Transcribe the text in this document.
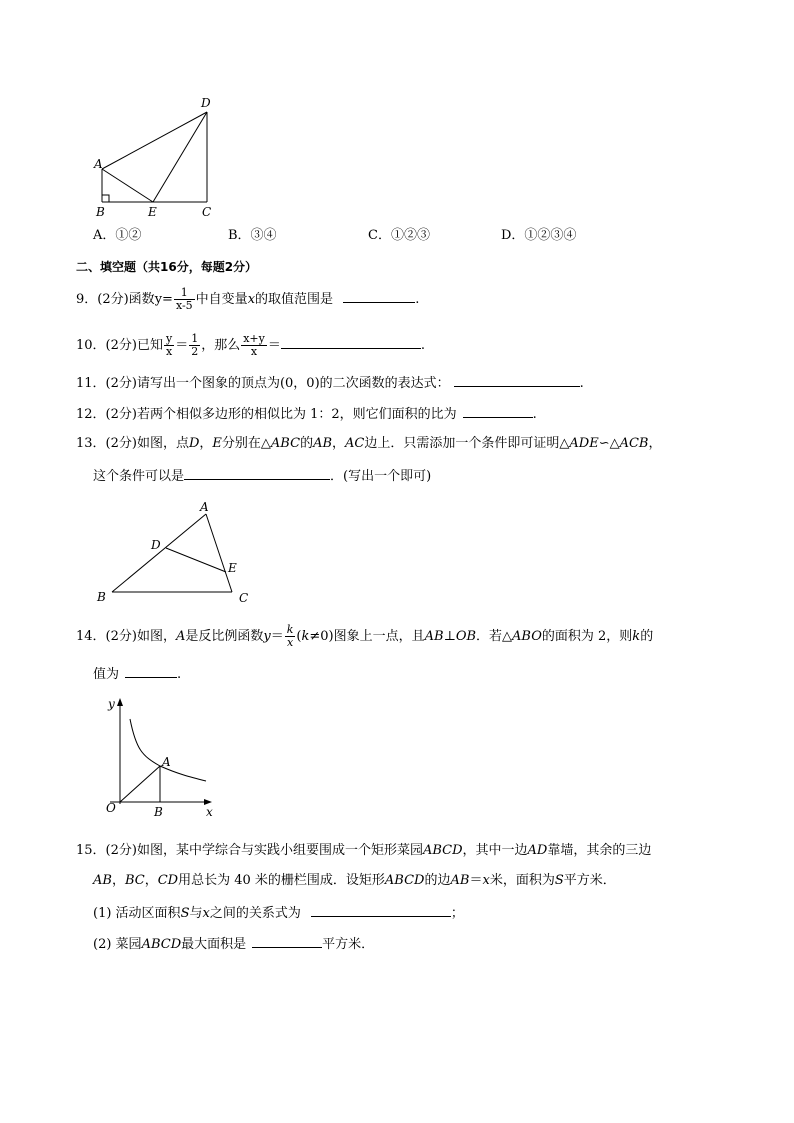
D
A
B	E	C
A．①②	B．③④	C．①②③	D．①②③④
二、填空题（共16分，每题2分）
9．(2分)函数$y= \frac{1}{x-5}$ 中自变量x的取值范围是	.
10．(2分)已知 $\frac{y}{x} = \frac{1}{2}$ ，那么 $\frac{x+y}{x}$ ＝	.
11．(2分)请写出一个图象的顶点为(0，0)的二次函数的表达式：	.
12．(2分)若两个相似多边形的相似比为 1：2，则它们面积的比为	.
13．(2分)如图，点D，E分别在△ABC的AB，AC边上．只需添加一个条件即可证明△ADE∽△ACB，
这个条件可以是	．(写出一个即可)
A
D
E
B	C
14．(2分)如图，A是反比例函数$y= \frac{k}{x} (k\ne 0)$图象上一点，且AB⊥OB．若△ABO的面积为 2，则k的
值为	.
y
A
O	B	x
15．(2分)如图，某中学综合与实践小组要围成一个矩形菜园ABCD，其中一边AD靠墙，其余的三边
AB，BC，CD用总长为 40 米的栅栏围成．设矩形ABCD的边AB＝x米，面积为S平方米．
(1) 活动区面积S与x之间的关系式为	；
(2) 菜园ABCD最大面积是	平方米．
